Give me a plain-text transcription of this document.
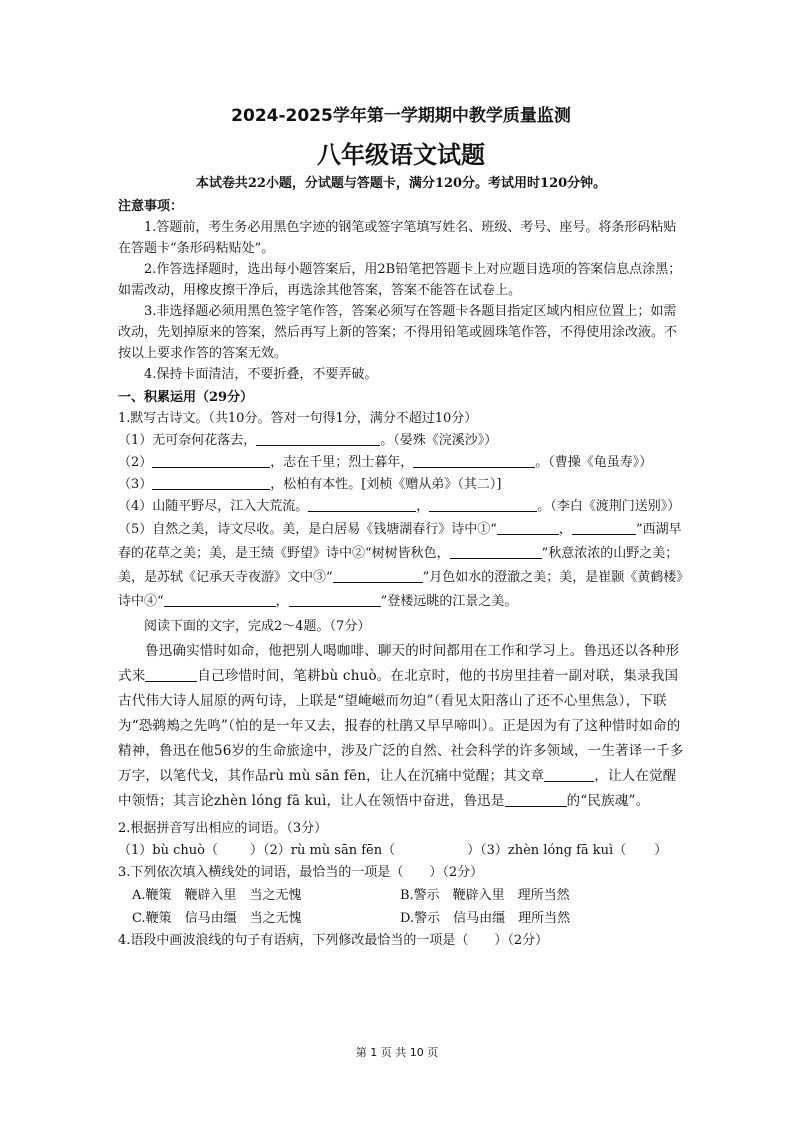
2024-2025学年第一学期期中教学质量监测
八年级语文试题
本试卷共22小题，分试题与答题卡，满分120分。考试用时120分钟。
注意事项：
1.答题前，考生务必用黑色字迹的钢笔或签字笔填写姓名、班级、考号、座号。将条形码粘贴在答题卡“条形码粘贴处”。
2.作答选择题时，选出每小题答案后，用2B铅笔把答题卡上对应题目选项的答案信息点涂黑；如需改动，用橡皮擦干净后，再选涂其他答案，答案不能答在试卷上。
3.非选择题必须用黑色签字笔作答，答案必须写在答题卡各题目指定区域内相应位置上；如需改动，先划掉原来的答案，然后再写上新的答案；不得用铅笔或圆珠笔作答，不得使用涂改液。不按以上要求作答的答案无效。
4.保持卡面清洁，不要折叠，不要弄破。
一、积累运用（29分）
1.默写古诗文。（共10分。答对一句得1分，满分不超过10分）
（1）无可奈何花落去，	。（晏殊《浣溪沙》）
（2）	，志在千里；烈士暮年，	。（曹操《龟虽寿》）
（3）	，松柏有本性。[刘桢《赠从弟》（其二）]
（4）山随平野尽，江入大荒流。	，	。（李白《渡荆门送别》）
（5）自然之美，诗文尽收。美，是白居易《钱塘湖春行》诗中①“	，	”西湖早春的花草之美；美，是王绩《野望》诗中②“树树皆秋色，	”秋意浓浓的山野之美；美，是苏轼《记承天寺夜游》文中③“	”月色如水的澄澈之美；美，是崔颢《黄鹤楼》诗中④“	，	”登楼远眺的江景之美。
阅读下面的文字，完成2～4题。（7分）
鲁迅确实惜时如命，他把别人喝咖啡、聊天的时间都用在工作和学习上。鲁迅还以各种形式来	自己珍惜时间，笔耕bù chuò。在北京时，他的书房里挂着一副对联，集录我国古代伟大诗人屈原的两句诗，上联是“望崦嵫而勿迫”（看见太阳落山了还不心里焦急），下联为“恐鹈鴂之先鸣”（怕的是一年又去，报春的杜鹃又早早啼叫）。正是因为有了这种惜时如命的精神，鲁迅在他56岁的生命旅途中，涉及广泛的自然、社会科学的许多领域，一生著译一千多万字，以笔代戈，其作品rù mù sān fēn，让人在沉痛中觉醒；其文章	，让人在觉醒中领悟；其言论zhèn lóng fā kuì，让人在领悟中奋进，鲁迅是	的“民族魂”。
2.根据拼音写出相应的词语。（3分）
（1）bù chuò（ ）（2）rù mù sān fēn（	）（3）zhèn lóng fā kuì（ ）
3.下列依次填入横线处的词语，最恰当的一项是（　　）（2分）
A.鞭策　鞭辟入里　当之无愧	B.警示　鞭辟入里　理所当然
C.鞭策　信马由缰　当之无愧	D.警示　信马由缰　理所当然
4.语段中画波浪线的句子有语病，下列修改最恰当的一项是（　　）（2分）
第 1 页 共 10 页
